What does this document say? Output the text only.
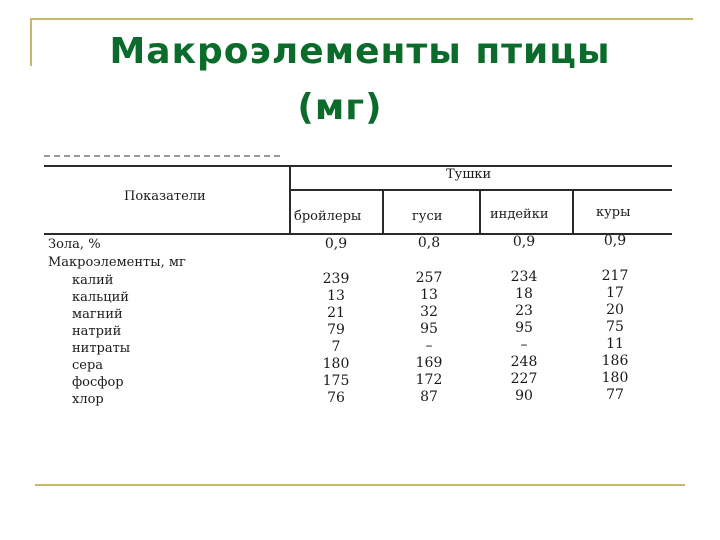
Макроэлементы птицы
(мг)
Показатели
Тушки
бройлеры	гуси	индейки	куры
Зола, %	0,9	0,8	0,9	0,9
Макроэлементы, мг
калий	239	257	234	217
кальций	13	13	18	17
магний	21	32	23	20
натрий	79	95	95	75
нитраты	7	–	–	11
сера	180	169	248	186
фосфор	175	172	227	180
хлор	76	87	90	77
